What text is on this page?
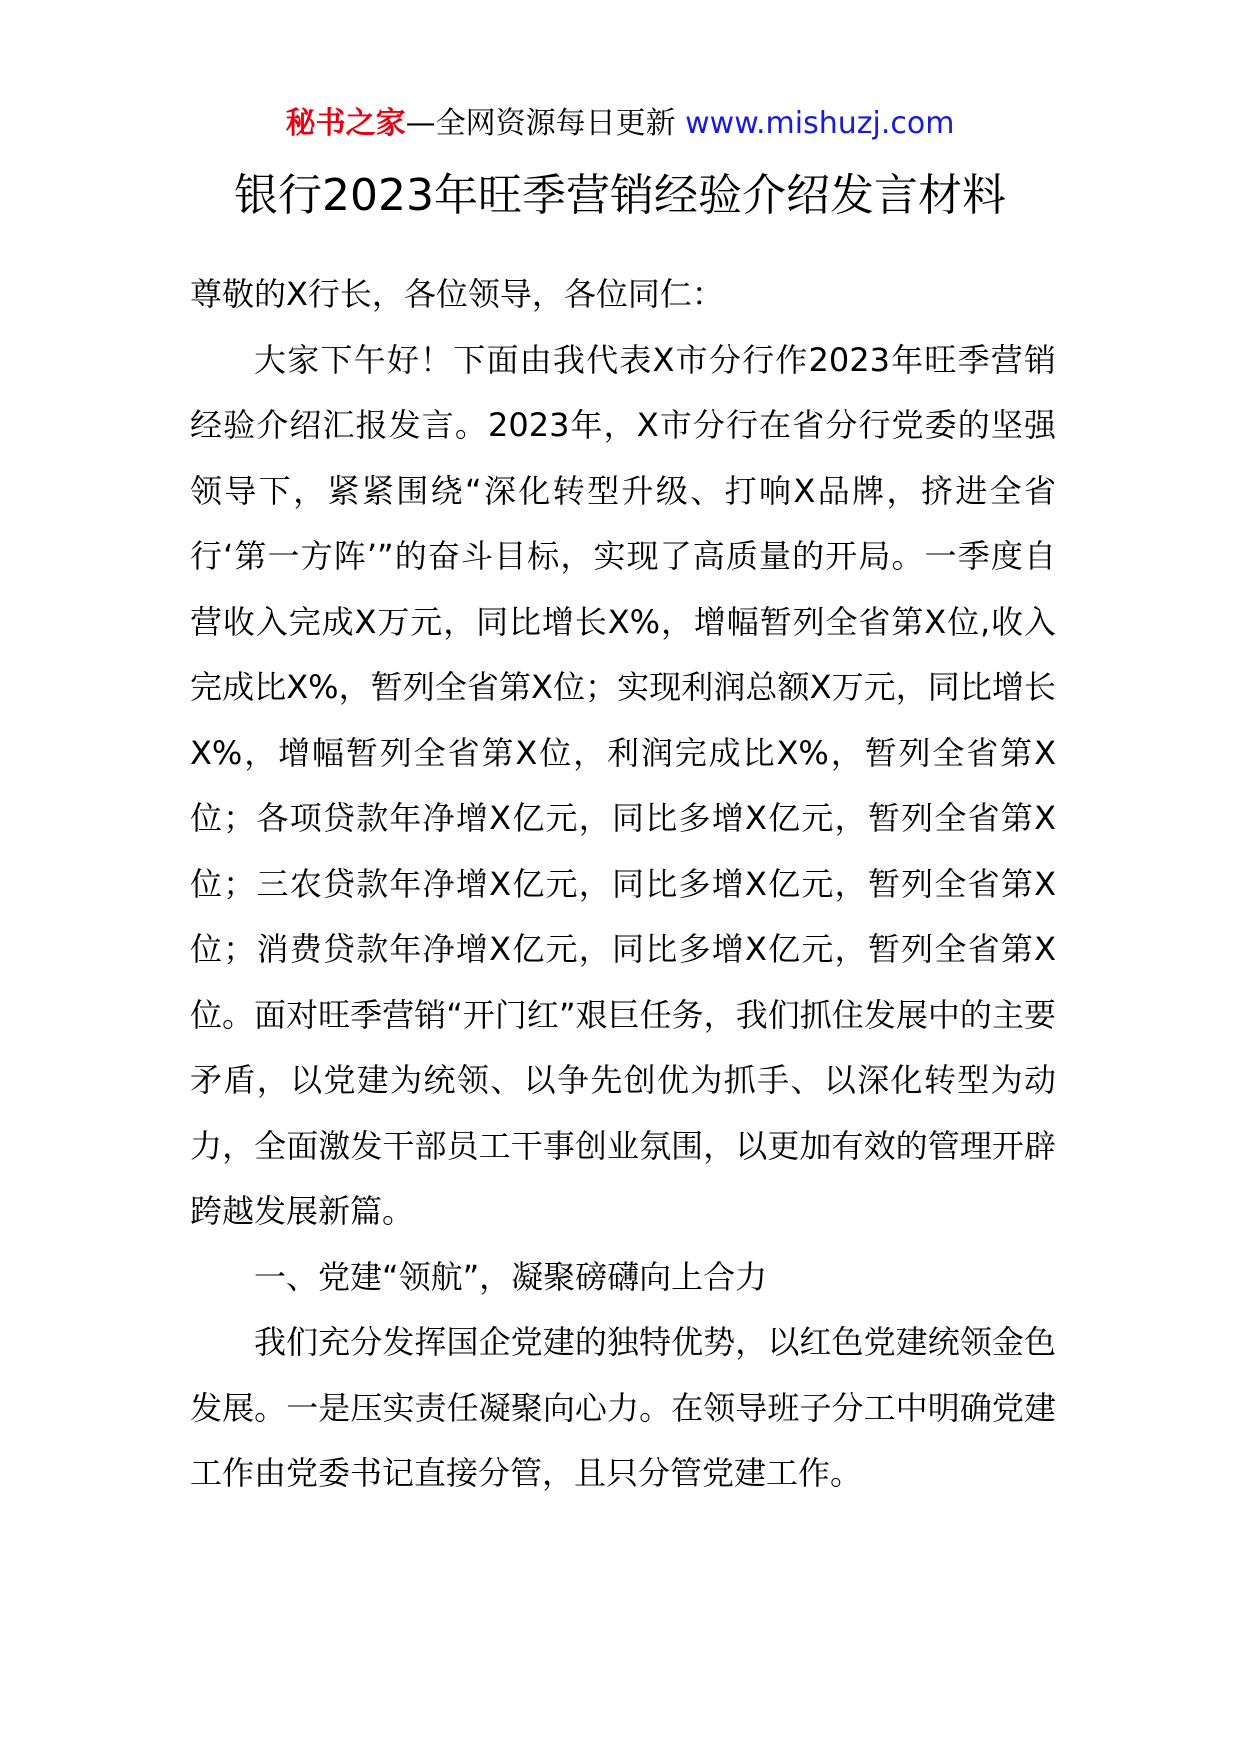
秘书之家—全网资源每日更新 www.mishuzj.com
银行2023年旺季营销经验介绍发言材料

尊敬的X行长，各位领导，各位同仁：

大家下午好！下面由我代表X市分行作2023年旺季营销经验介绍汇报发言。2023年，X市分行在省分行党委的坚强领导下，紧紧围绕“深化转型升级、打响X品牌，挤进全省行‘第一方阵’”的奋斗目标，实现了高质量的开局。一季度自营收入完成X万元，同比增长X%，增幅暂列全省第X位,收入完成比X%，暂列全省第X位；实现利润总额X万元，同比增长X%，增幅暂列全省第X位，利润完成比X%，暂列全省第X位；各项贷款年净增X亿元，同比多增X亿元，暂列全省第X位；三农贷款年净增X亿元，同比多增X亿元，暂列全省第X位；消费贷款年净增X亿元，同比多增X亿元，暂列全省第X位。面对旺季营销“开门红”艰巨任务，我们抓住发展中的主要矛盾，以党建为统领、以争先创优为抓手、以深化转型为动力，全面激发干部员工干事创业氛围，以更加有效的管理开辟跨越发展新篇。

一、党建“领航”，凝聚磅礴向上合力

我们充分发挥国企党建的独特优势，以红色党建统领金色发展。一是压实责任凝聚向心力。在领导班子分工中明确党建工作由党委书记直接分管，且只分管党建工作。
